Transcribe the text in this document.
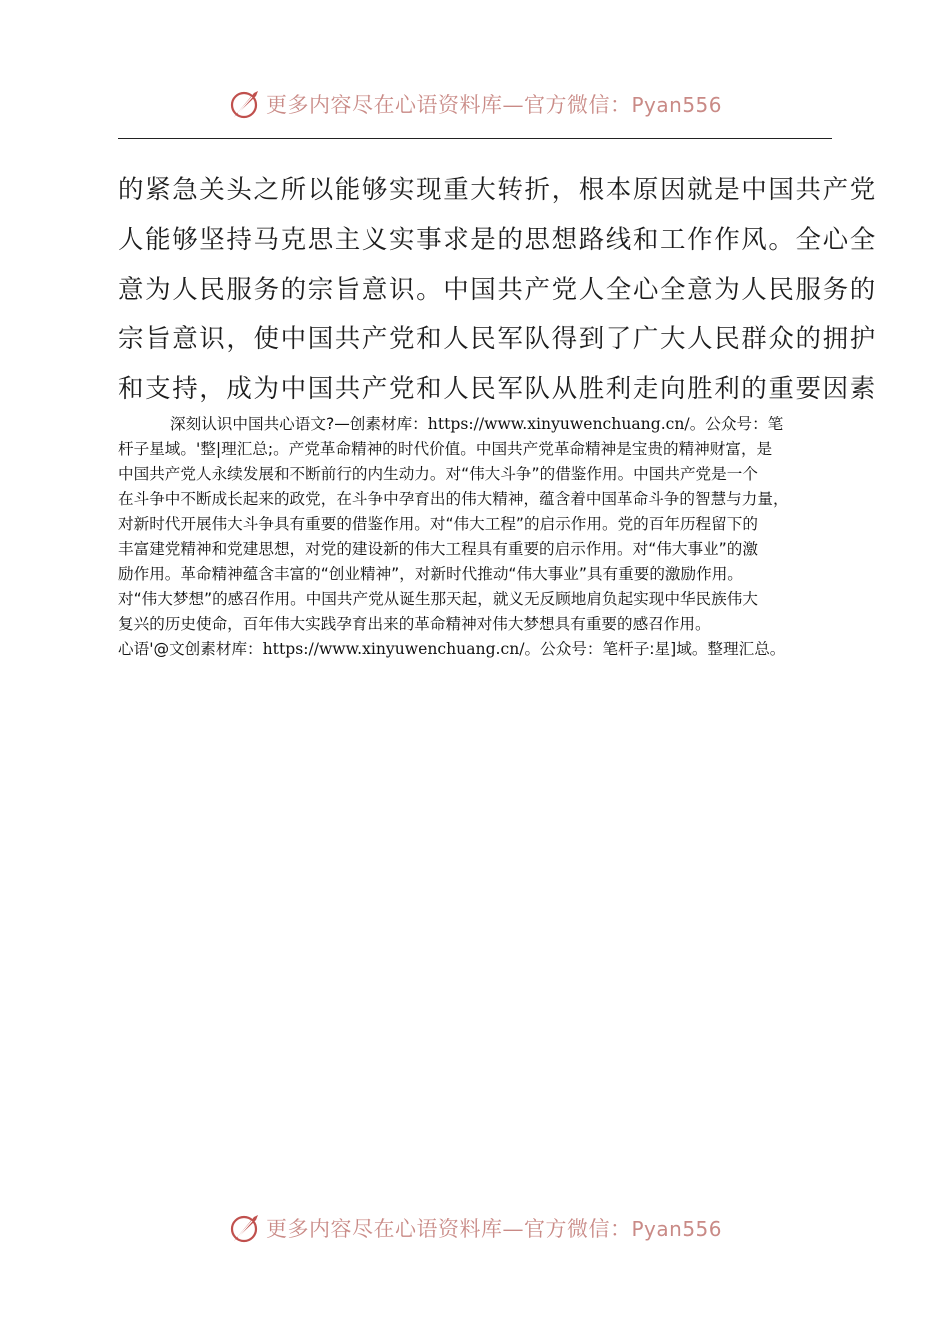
更多内容尽在心语资料库—官方微信：Pyan556
的紧急关头之所以能够实现重大转折，根本原因就是中国共产党
人能够坚持马克思主义实事求是的思想路线和工作作风。全心全
意为人民服务的宗旨意识。中国共产党人全心全意为人民服务的
宗旨意识，使中国共产党和人民军队得到了广大人民群众的拥护
和支持，成为中国共产党和人民军队从胜利走向胜利的重要因素
深刻认识中国共心语文?—创素材库：https://www.xinyuwenchuang.cn/。公众号：笔
杆子星域。'整|理汇总;。产党革命精神的时代价值。中国共产党革命精神是宝贵的精神财富，是
中国共产党人永续发展和不断前行的内生动力。对“伟大斗争”的借鉴作用。中国共产党是一个
在斗争中不断成长起来的政党，在斗争中孕育出的伟大精神，蕴含着中国革命斗争的智慧与力量，
对新时代开展伟大斗争具有重要的借鉴作用。对“伟大工程”的启示作用。党的百年历程留下的
丰富建党精神和党建思想，对党的建设新的伟大工程具有重要的启示作用。对“伟大事业”的激
励作用。革命精神蕴含丰富的“创业精神”，对新时代推动“伟大事业”具有重要的激励作用。
对“伟大梦想”的感召作用。中国共产党从诞生那天起，就义无反顾地肩负起实现中华民族伟大
复兴的历史使命，百年伟大实践孕育出来的革命精神对伟大梦想具有重要的感召作用。
心语'@文创素材库：https://www.xinyuwenchuang.cn/。公众号：笔杆子:星]域。整理汇总。
更多内容尽在心语资料库—官方微信：Pyan556
